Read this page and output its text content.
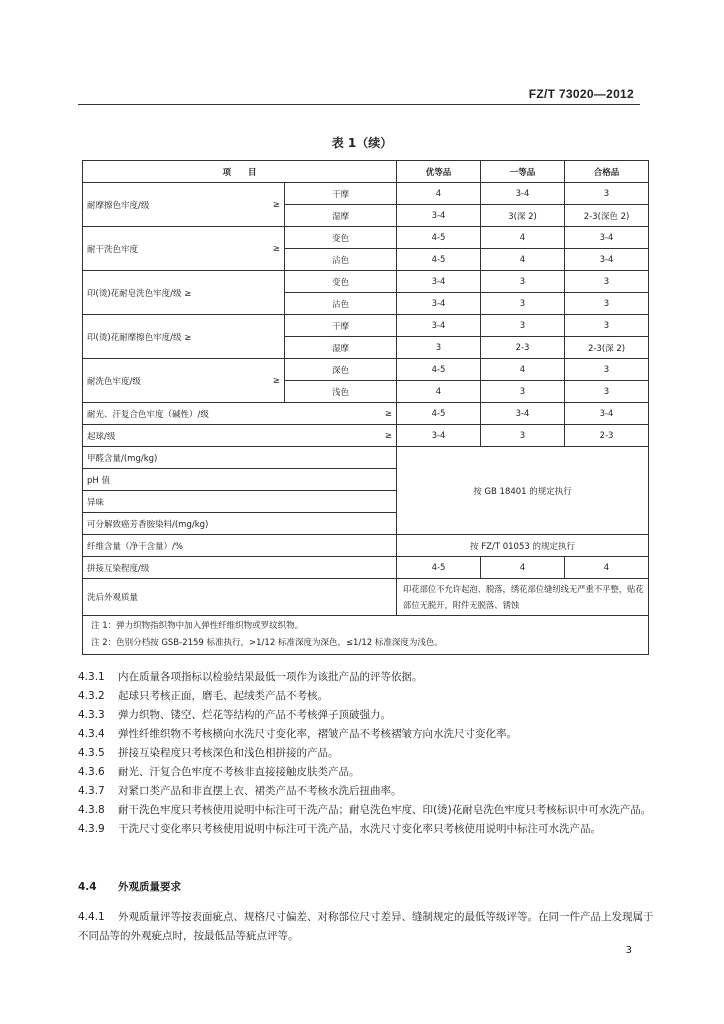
FZ/T 73020—2012
表 1（续）
项　　目		优等品	一等品	合格品

耐摩擦色牢度/级 ≥	干摩	4	3-4	3
	湿摩	3-4	3(深 2)	2-3(深色 2)

耐干洗色牢度 ≥	变色	4-5	4	3-4
	沾色	4-5	4	3-4

印(烫)花耐皂洗色牢度/级 ≥	变色	3-4	3	3
	沾色	3-4	3	3

印(烫)花耐摩擦色牢度/级 ≥	干摩	3-4	3	3
	湿摩	3	2-3	2-3(深 2)

耐洗色牢度/级 ≥	深色	4-5	4	3
	浅色	4	3	3

耐光、汗复合色牢度（碱性）/级 ≥		4-5	3-4	3-4

起球/级 ≥		3-4	3	2-3
甲醛含量/(mg/kg)		按 GB 18401 的规定执行		
pH 值				
异味				
可分解致癌芳香胺染料/(mg/kg)				
纤维含量（净干含量）/%		按 FZ/T 01053 的规定执行		
拼接互染程度/级		4-5	4	4
洗后外观质量		印花部位不允许起泡、脱落，绣花部位缝纫线无严重不平整，贴花部位无脱开，附件无脱落、锈蚀		

注 1：弹力织物指织物中加入弹性纤维织物或罗纹织物。
注 2：色别分档按 GSB-2159 标准执行，>1/12 标准深度为深色，≤1/12 标准深度为浅色。				

4.3.1 内在质量各项指标以检验结果最低一项作为该批产品的评等依据。

4.3.2 起球只考核正面，磨毛、起绒类产品不考核。

4.3.3 弹力织物、镂空、烂花等结构的产品不考核弹子顶破强力。

4.3.4 弹性纤维织物不考核横向水洗尺寸变化率，褶皱产品不考核褶皱方向水洗尺寸变化率。

4.3.5 拼接互染程度只考核深色和浅色相拼接的产品。

4.3.6 耐光、汗复合色牢度不考核非直接接触皮肤类产品。

4.3.7 对紧口类产品和非直摆上衣、裙类产品不考核水洗后扭曲率。

4.3.8 耐干洗色牢度只考核使用说明中标注可干洗产品；耐皂洗色牢度、印(烫)花耐皂洗色牢度只考核标识中可水洗产品。

4.3.9 干洗尺寸变化率只考核使用说明中标注可干洗产品，水洗尺寸变化率只考核使用说明中标注可水洗产品。

4.4 外观质量要求

4.4.1 外观质量评等按表面疵点、规格尺寸偏差、对称部位尺寸差异、缝制规定的最低等级评等。在同一件产品上发现属于不同品等的外观疵点时，按最低品等疵点评等。

3
